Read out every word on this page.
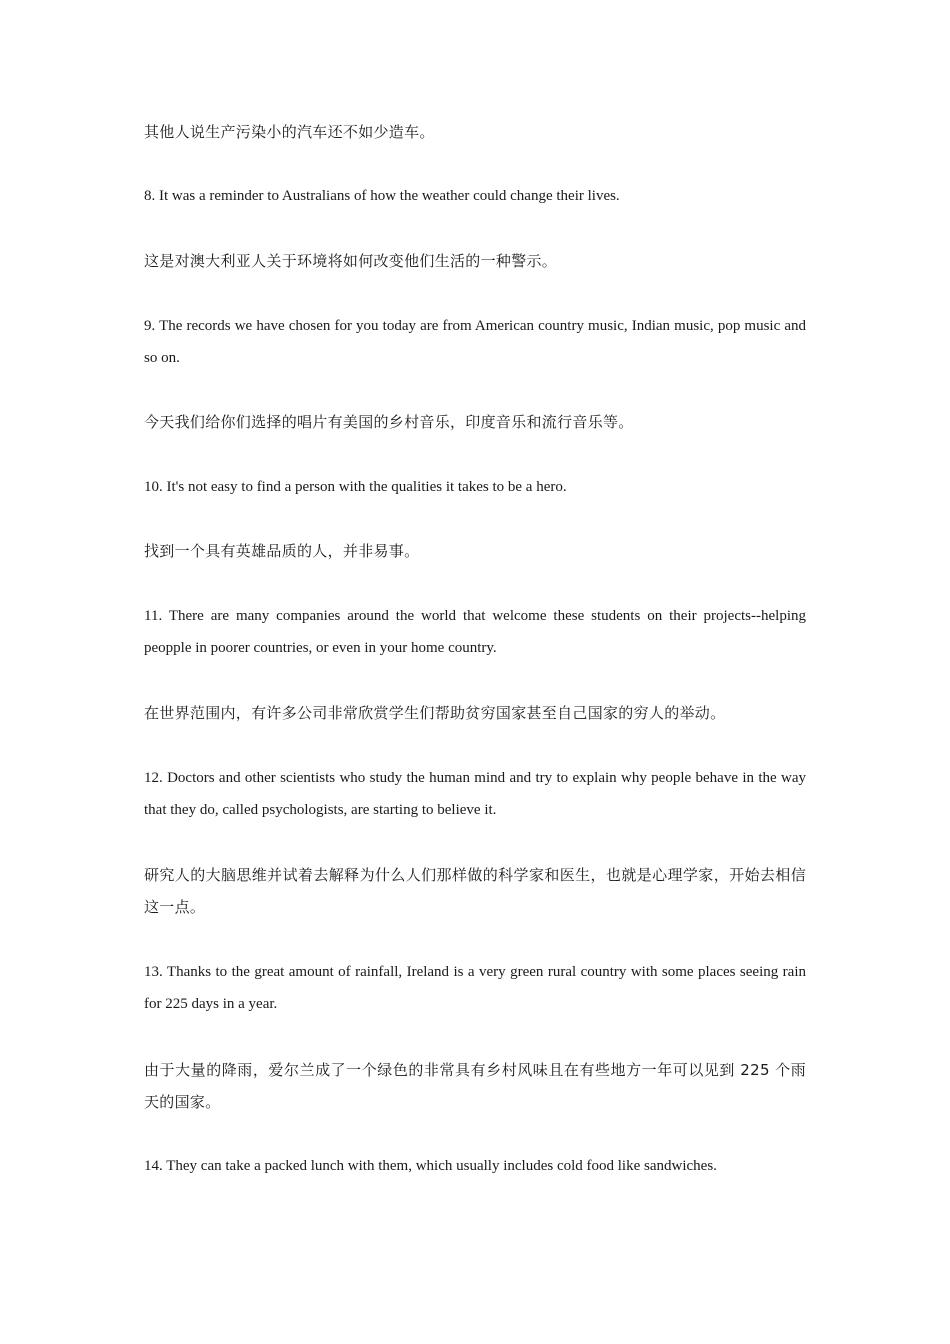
其他人说生产污染小的汽车还不如少造车。

8. It was a reminder to Australians of how the weather could change their lives.

这是对澳大利亚人关于环境将如何改变他们生活的一种警示。

9. The records we have chosen for you today are from American country music, Indian music, pop music and so on.

今天我们给你们选择的唱片有美国的乡村音乐，印度音乐和流行音乐等。

10. It's not easy to find a person with the qualities it takes to be a hero.

找到一个具有英雄品质的人，并非易事。

11. There are many companies around the world that welcome these students on their projects--helping peopple in poorer countries, or even in your home country.

在世界范围内，有许多公司非常欣赏学生们帮助贫穷国家甚至自己国家的穷人的举动。

12. Doctors and other scientists who study the human mind and try to explain why people behave in the way that they do, called psychologists, are starting to believe it.

研究人的大脑思维并试着去解释为什么人们那样做的科学家和医生，也就是心理学家，开始去相信这一点。

13. Thanks to the great amount of rainfall, Ireland is a very green rural country with some places seeing rain for 225 days in a year.

由于大量的降雨，爱尔兰成了一个绿色的非常具有乡村风味且在有些地方一年可以见到 225 个雨天的国家。

14. They can take a packed lunch with them, which usually includes cold food like sandwiches.
